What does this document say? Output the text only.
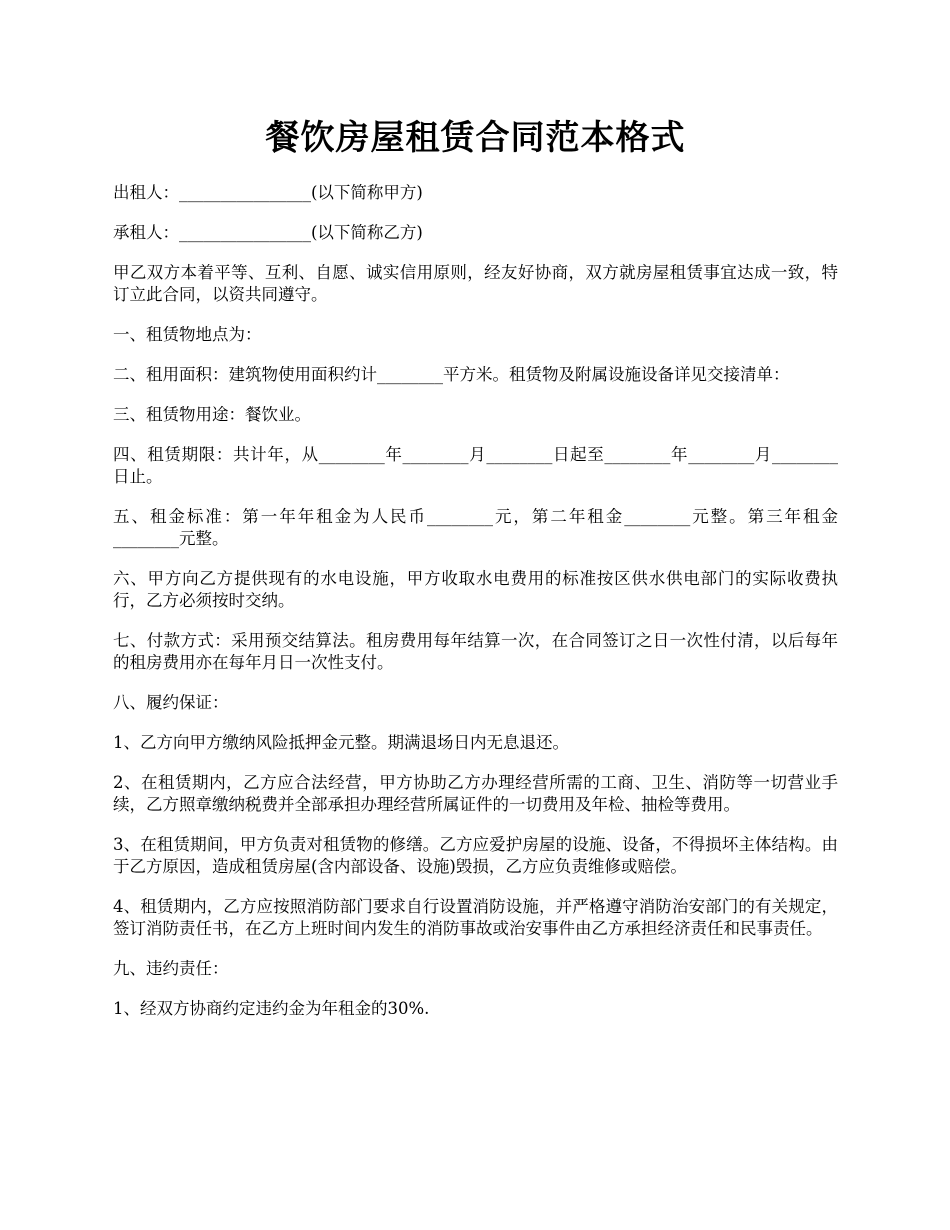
餐饮房屋租赁合同范本格式

出租人：________________(以下简称甲方)

承租人：________________(以下简称乙方)

甲乙双方本着平等、互利、自愿、诚实信用原则，经友好协商，双方就房屋租赁事宜达成一致，特订立此合同，以资共同遵守。

一、租赁物地点为：

二、租用面积：建筑物使用面积约计________平方米。租赁物及附属设施设备详见交接清单：

三、租赁物用途：餐饮业。

四、租赁期限：共计年，从________年________月________日起至________年________月________日止。

五、租金标准：第一年年租金为人民币________元，第二年租金________元整。第三年租金________元整。

六、甲方向乙方提供现有的水电设施，甲方收取水电费用的标准按区供水供电部门的实际收费执行，乙方必须按时交纳。

七、付款方式：采用预交结算法。租房费用每年结算一次，在合同签订之日一次性付清，以后每年的租房费用亦在每年月日一次性支付。

八、履约保证：

1、乙方向甲方缴纳风险抵押金元整。期满退场日内无息退还。

2、在租赁期内，乙方应合法经营，甲方协助乙方办理经营所需的工商、卫生、消防等一切营业手续，乙方照章缴纳税费并全部承担办理经营所属证件的一切费用及年检、抽检等费用。

3、在租赁期间，甲方负责对租赁物的修缮。乙方应爱护房屋的设施、设备，不得损坏主体结构。由于乙方原因，造成租赁房屋(含内部设备、设施)毁损，乙方应负责维修或赔偿。

4、租赁期内，乙方应按照消防部门要求自行设置消防设施，并严格遵守消防治安部门的有关规定，签订消防责任书，在乙方上班时间内发生的消防事故或治安事件由乙方承担经济责任和民事责任。

九、违约责任：

1、经双方协商约定违约金为年租金的30%.
